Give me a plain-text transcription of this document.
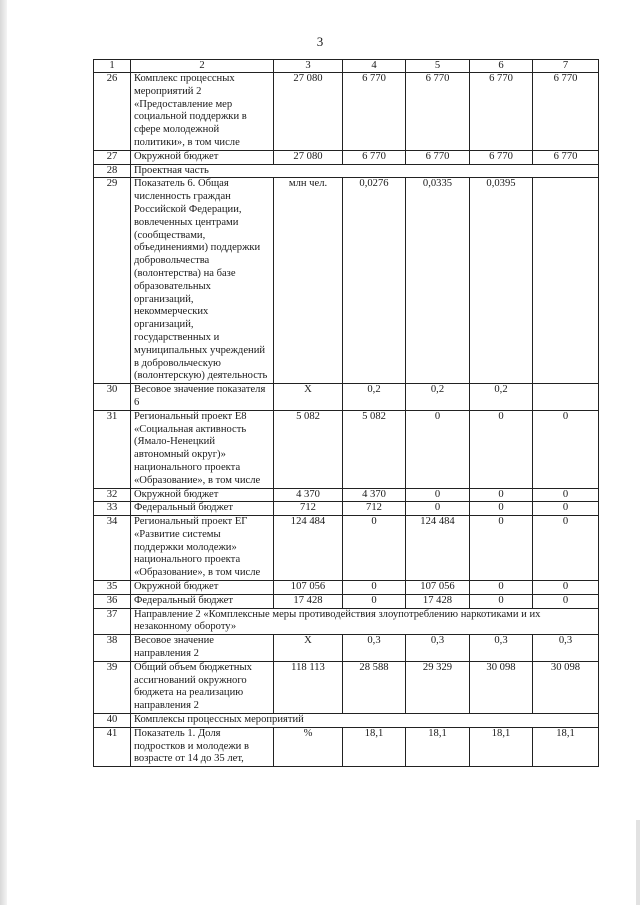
3
1	2	3	4	5	6	7
26	Комплекс процессных мероприятий 2 «Предоставление мер социальной поддержки в сфере молодежной политики», в том числе	27 080	6 770	6 770	6 770	6 770
27	Окружной бюджет	27 080	6 770	6 770	6 770	6 770
28	Проектная часть					
29	Показатель 6. Общая численность граждан Российской Федерации, вовлеченных центрами (сообществами, объединениями) поддержки добровольчества (волонтерства) на базе образовательных организаций, некоммерческих организаций, государственных и муниципальных учреждений в добровольческую (волонтерскую) деятельность	млн чел.	0,0276	0,0335	0,0395	
30	Весовое значение показателя 6	Х	0,2	0,2	0,2	
31	Региональный проект Е8 «Социальная активность (Ямало-Ненецкий автономный округ)» национального проекта «Образование», в том числе	5 082	5 082	0	0	0
32	Окружной бюджет	4 370	4 370	0	0	0
33	Федеральный бюджет	712	712	0	0	0
34	Региональный проект ЕГ «Развитие системы поддержки молодежи» национального проекта «Образование», в том числе	124 484	0	124 484	0	0
35	Окружной бюджет	107 056	0	107 056	0	0
36	Федеральный бюджет	17 428	0	17 428	0	0
37	Направление 2 «Комплексные меры противодействия злоупотреблению наркотиками и их незаконному обороту»					
38	Весовое значение направления 2	Х	0,3	0,3	0,3	0,3
39	Общий объем бюджетных ассигнований окружного бюджета на реализацию направления 2	118 113	28 588	29 329	30 098	30 098
40	Комплексы процессных мероприятий					
41	Показатель 1. Доля подростков и молодежи в возрасте от 14 до 35 лет,	%	18,1	18,1	18,1	18,1
